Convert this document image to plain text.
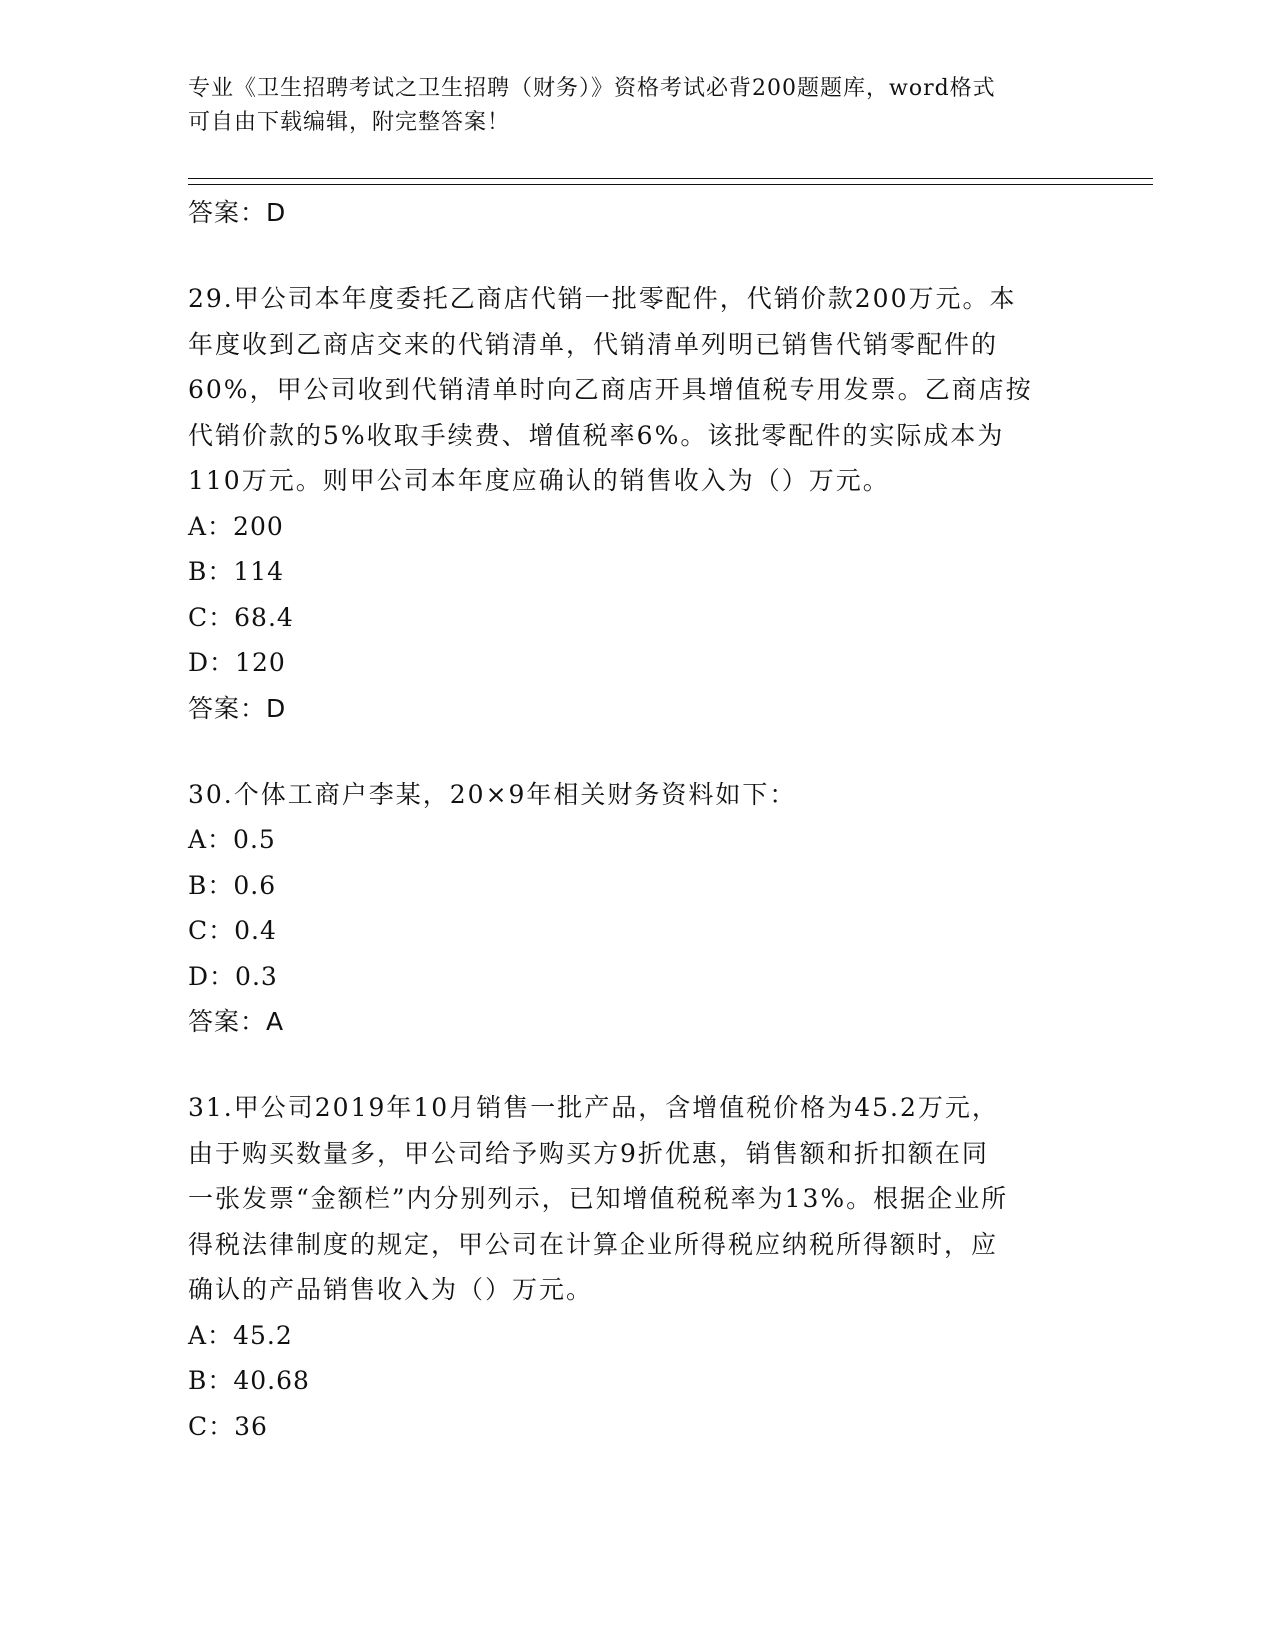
专业《卫生招聘考试之卫生招聘（财务）》资格考试必背200题题库，word格式
可自由下载编辑，附完整答案！
答案：D
29.甲公司本年度委托乙商店代销一批零配件，代销价款200万元。本
年度收到乙商店交来的代销清单，代销清单列明已销售代销零配件的
60%，甲公司收到代销清单时向乙商店开具增值税专用发票。乙商店按
代销价款的5%收取手续费、增值税率6%。该批零配件的实际成本为
110万元。则甲公司本年度应确认的销售收入为（）万元。
A：200
B：114
C：68.4
D：120
答案：D
30.个体工商户李某，20×9年相关财务资料如下：
A：0.5
B：0.6
C：0.4
D：0.3
答案：A
31.甲公司2019年10月销售一批产品，含增值税价格为45.2万元，
由于购买数量多，甲公司给予购买方9折优惠，销售额和折扣额在同
一张发票“金额栏”内分别列示，已知增值税税率为13%。根据企业所
得税法律制度的规定，甲公司在计算企业所得税应纳税所得额时，应
确认的产品销售收入为（）万元。
A：45.2
B：40.68
C：36
